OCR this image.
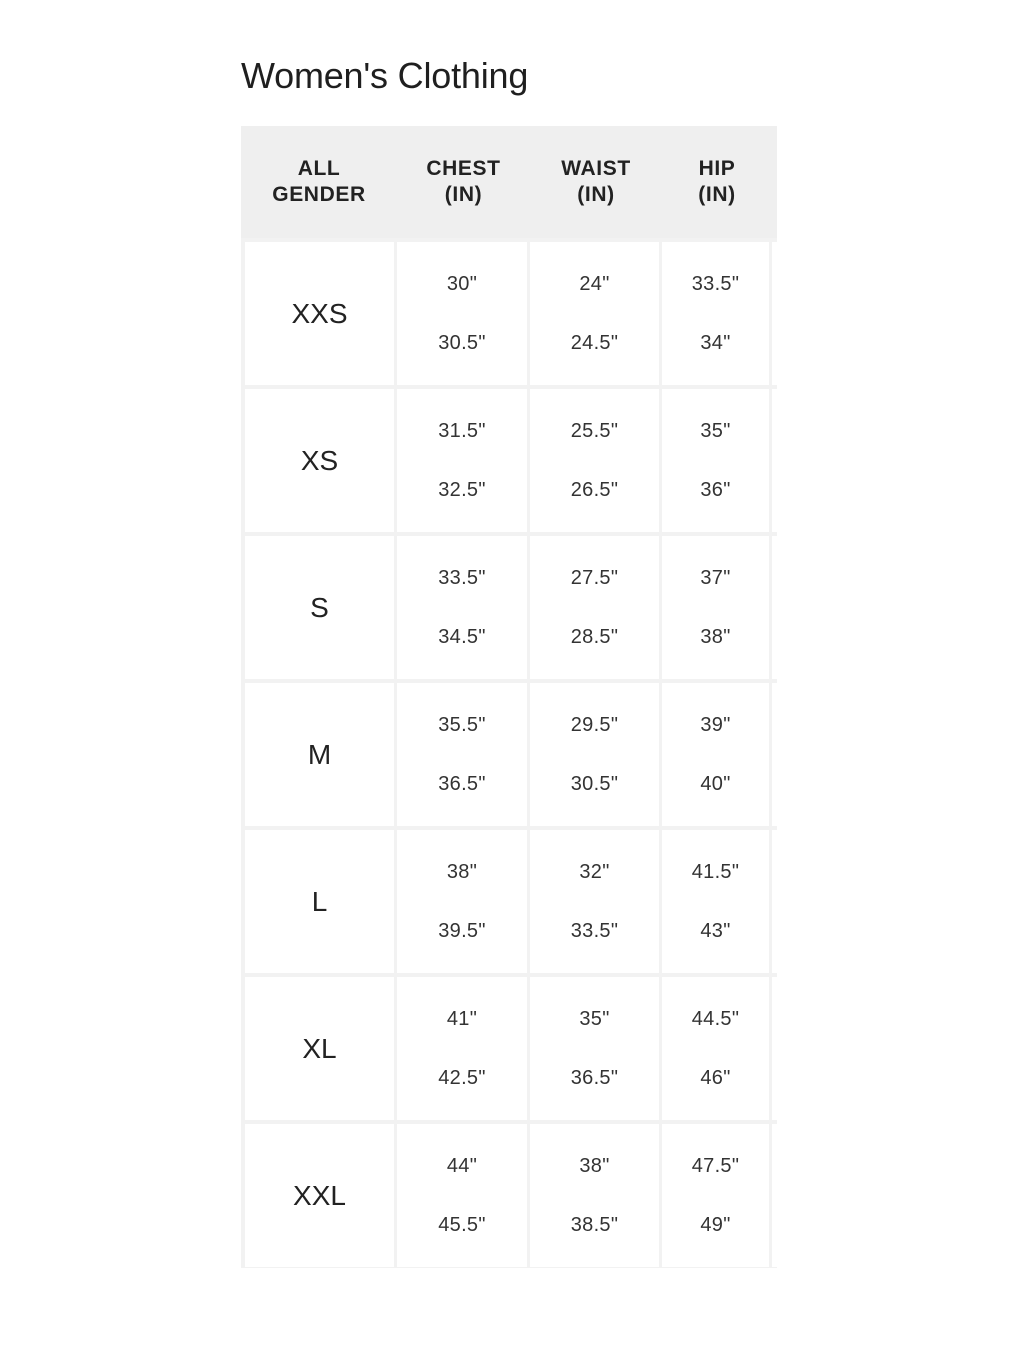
Women's Clothing
ALL
GENDER
CHEST
(IN)
WAIST
(IN)
HIP
(IN)
XXS
30"
30.5"
24"
24.5"
33.5"
34"
XS
31.5"
32.5"
25.5"
26.5"
35"
36"
S
33.5"
34.5"
27.5"
28.5"
37"
38"
M
35.5"
36.5"
29.5"
30.5"
39"
40"
L
38"
39.5"
32"
33.5"
41.5"
43"
XL
41"
42.5"
35"
36.5"
44.5"
46"
XXL
44"
45.5"
38"
38.5"
47.5"
49"
